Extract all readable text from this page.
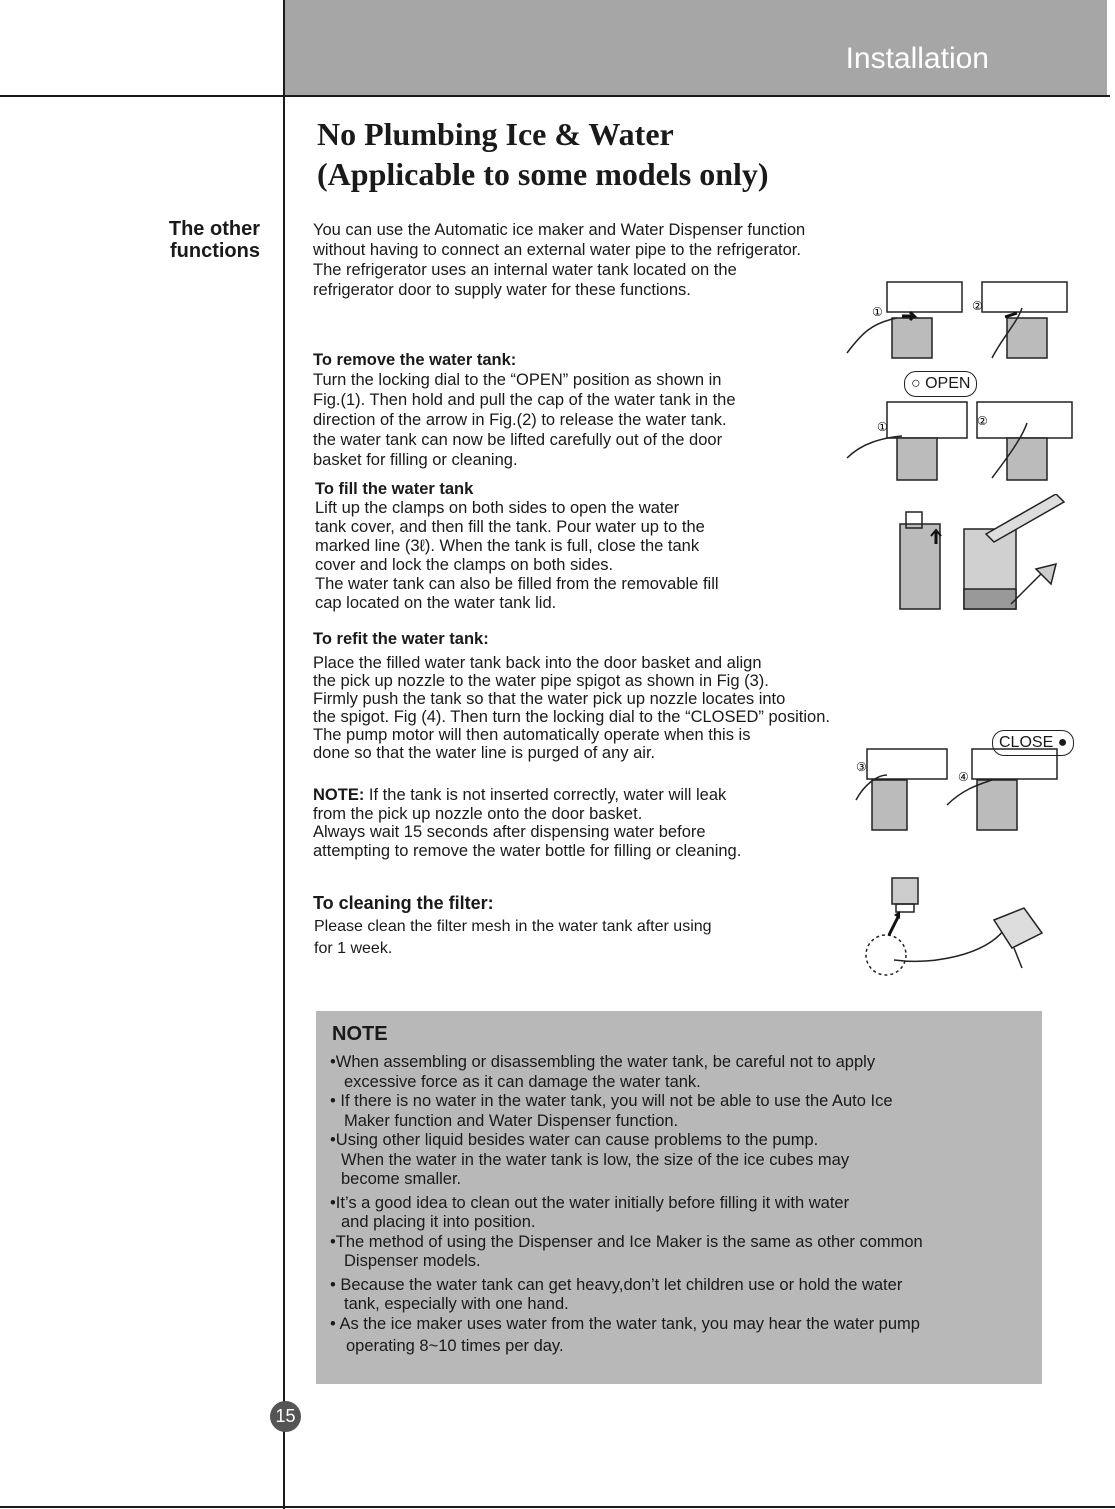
Installation
No Plumbing Ice & Water
(Applicable to some models only)
The other
functions
You can use the Automatic ice maker and Water Dispenser function
without having to connect an external water pipe to the refrigerator.
The refrigerator uses an internal water tank located on the
refrigerator door to supply water for these functions.
To remove the water tank:
Turn the locking dial to the “OPEN” position as shown in
Fig.(1). Then hold and pull the cap of the water tank in the
direction of the arrow in Fig.(2) to release the water tank.
the water tank can now be lifted carefully out of the door
basket for filling or cleaning.
To fill the water tank
Lift up the clamps on both sides to open the water
tank cover, and then fill the tank. Pour water up to the
marked line (3ℓ). When the tank is full, close the tank
cover and lock the clamps on both sides.
The water tank can also be filled from the removable fill
cap located on the water tank lid.
To refit the water tank:
Place the filled water tank back into the door basket and align
the pick up nozzle to the water pipe spigot as shown in Fig (3).
Firmly push the tank so that the water pick up nozzle locates into
the spigot. Fig (4). Then turn the locking dial to the “CLOSED” position.
The pump motor will then automatically operate when this is
done so that the water line is purged of any air.
NOTE: If the tank is not inserted correctly, water will leak
from the pick up nozzle onto the door basket.
Always wait 15 seconds after dispensing water before
attempting to remove the water bottle for filling or cleaning.
To cleaning the filter:
Please clean the filter mesh in the water tank after using
for 1 week.
①	②
○ OPEN
①	②
CLOSE ●
③
④
NOTE
•When assembling or disassembling the water tank, be careful not to apply
excessive force as it can damage the water tank.
• If there is no water in the water tank, you will not be able to use the Auto Ice
Maker function and Water Dispenser function.
•Using other liquid besides water can cause problems to the pump.
When the water in the water tank is low, the size of the ice cubes may
become smaller.
•It’s a good idea to clean out the water initially before filling it with water
and placing it into position.
•The method of using the Dispenser and Ice Maker is the same as other common
Dispenser models.
• Because the water tank can get heavy,don’t let children use or hold the water
tank, especially with one hand.
• As the ice maker uses water from the water tank, you may hear the water pump
operating 8~10 times per day.
15
